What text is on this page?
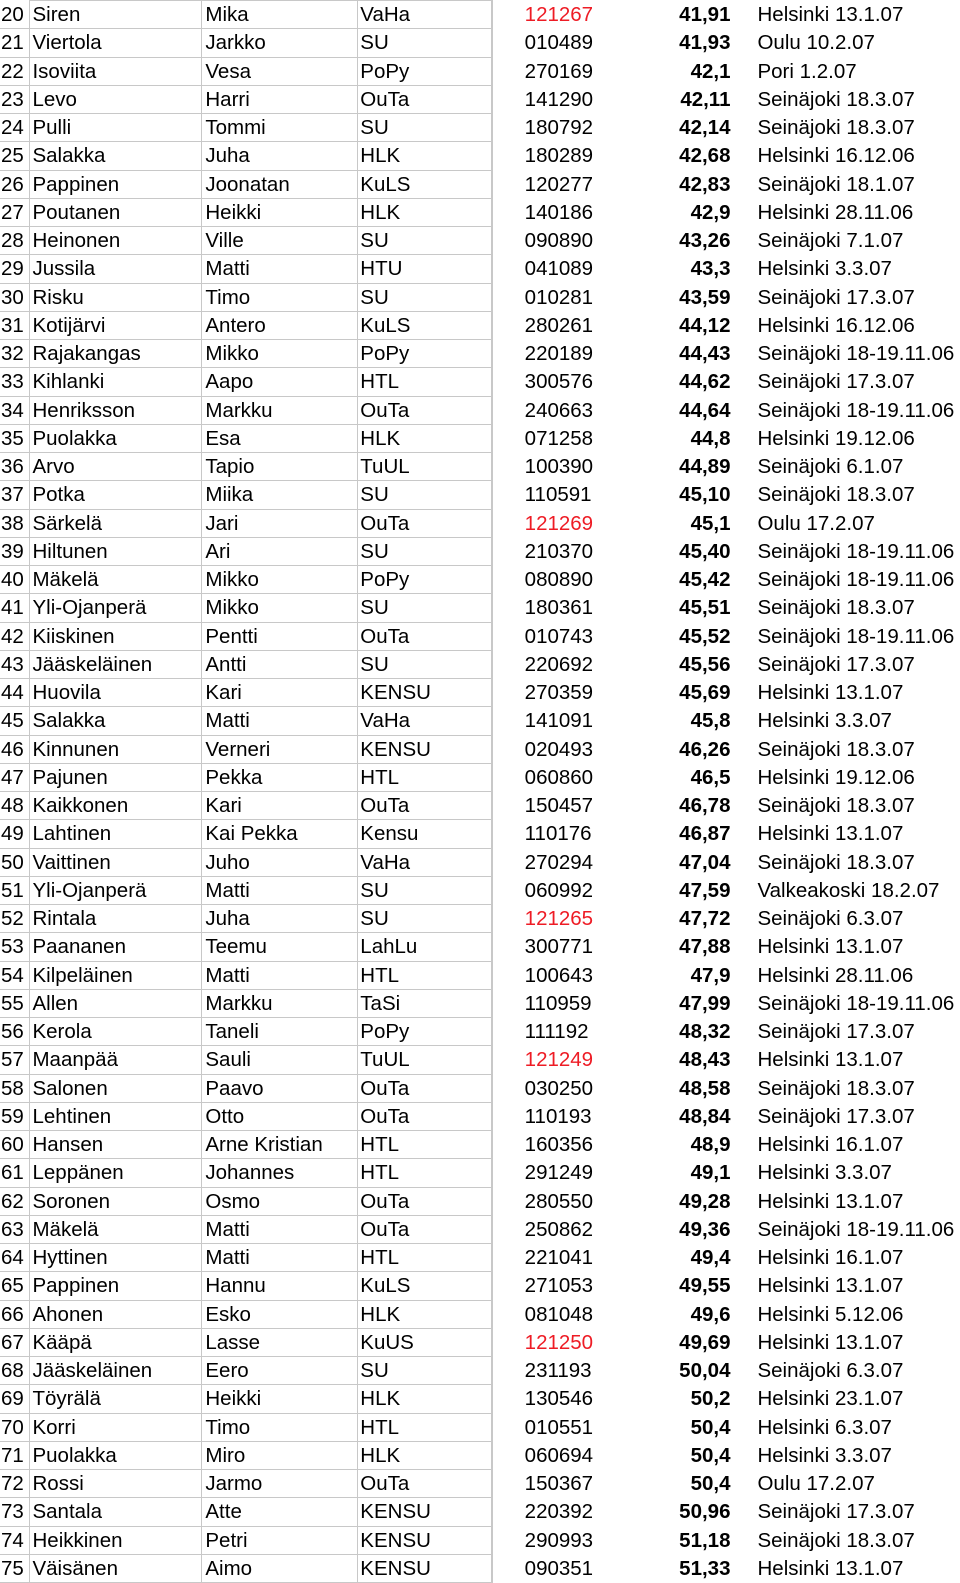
20	Siren	Mika	VaHa	121267	41,91	Helsinki 13.1.07
21	Viertola	Jarkko	SU	010489	41,93	Oulu 10.2.07
22	Isoviita	Vesa	PoPy	270169	42,1	Pori 1.2.07
23	Levo	Harri	OuTa	141290	42,11	Seinäjoki 18.3.07
24	Pulli	Tommi	SU	180792	42,14	Seinäjoki 18.3.07
25	Salakka	Juha	HLK	180289	42,68	Helsinki 16.12.06
26	Pappinen	Joonatan	KuLS	120277	42,83	Seinäjoki 18.1.07
27	Poutanen	Heikki	HLK	140186	42,9	Helsinki 28.11.06
28	Heinonen	Ville	SU	090890	43,26	Seinäjoki 7.1.07
29	Jussila	Matti	HTU	041089	43,3	Helsinki 3.3.07
30	Risku	Timo	SU	010281	43,59	Seinäjoki 17.3.07
31	Kotijärvi	Antero	KuLS	280261	44,12	Helsinki 16.12.06
32	Rajakangas	Mikko	PoPy	220189	44,43	Seinäjoki 18-19.11.06
33	Kihlanki	Aapo	HTL	300576	44,62	Seinäjoki 17.3.07
34	Henriksson	Markku	OuTa	240663	44,64	Seinäjoki 18-19.11.06
35	Puolakka	Esa	HLK	071258	44,8	Helsinki 19.12.06
36	Arvo	Tapio	TuUL	100390	44,89	Seinäjoki 6.1.07
37	Potka	Miika	SU	110591	45,10	Seinäjoki 18.3.07
38	Särkelä	Jari	OuTa	121269	45,1	Oulu 17.2.07
39	Hiltunen	Ari	SU	210370	45,40	Seinäjoki 18-19.11.06
40	Mäkelä	Mikko	PoPy	080890	45,42	Seinäjoki 18-19.11.06
41	Yli-Ojanperä	Mikko	SU	180361	45,51	Seinäjoki 18.3.07
42	Kiiskinen	Pentti	OuTa	010743	45,52	Seinäjoki 18-19.11.06
43	Jääskeläinen	Antti	SU	220692	45,56	Seinäjoki 17.3.07
44	Huovila	Kari	KENSU	270359	45,69	Helsinki 13.1.07
45	Salakka	Matti	VaHa	141091	45,8	Helsinki 3.3.07
46	Kinnunen	Verneri	KENSU	020493	46,26	Seinäjoki 18.3.07
47	Pajunen	Pekka	HTL	060860	46,5	Helsinki 19.12.06
48	Kaikkonen	Kari	OuTa	150457	46,78	Seinäjoki 18.3.07
49	Lahtinen	Kai Pekka	Kensu	110176	46,87	Helsinki 13.1.07
50	Vaittinen	Juho	VaHa	270294	47,04	Seinäjoki 18.3.07
51	Yli-Ojanperä	Matti	SU	060992	47,59	Valkeakoski 18.2.07
52	Rintala	Juha	SU	121265	47,72	Seinäjoki 6.3.07
53	Paananen	Teemu	LahLu	300771	47,88	Helsinki 13.1.07
54	Kilpeläinen	Matti	HTL	100643	47,9	Helsinki 28.11.06
55	Allen	Markku	TaSi	110959	47,99	Seinäjoki 18-19.11.06
56	Kerola	Taneli	PoPy	111192	48,32	Seinäjoki 17.3.07
57	Maanpää	Sauli	TuUL	121249	48,43	Helsinki 13.1.07
58	Salonen	Paavo	OuTa	030250	48,58	Seinäjoki 18.3.07
59	Lehtinen	Otto	OuTa	110193	48,84	Seinäjoki 17.3.07
60	Hansen	Arne Kristian	HTL	160356	48,9	Helsinki 16.1.07
61	Leppänen	Johannes	HTL	291249	49,1	Helsinki 3.3.07
62	Soronen	Osmo	OuTa	280550	49,28	Helsinki 13.1.07
63	Mäkelä	Matti	OuTa	250862	49,36	Seinäjoki 18-19.11.06
64	Hyttinen	Matti	HTL	221041	49,4	Helsinki 16.1.07
65	Pappinen	Hannu	KuLS	271053	49,55	Helsinki 13.1.07
66	Ahonen	Esko	HLK	081048	49,6	Helsinki 5.12.06
67	Kääpä	Lasse	KuUS	121250	49,69	Helsinki 13.1.07
68	Jääskeläinen	Eero	SU	231193	50,04	Seinäjoki 6.3.07
69	Töyrälä	Heikki	HLK	130546	50,2	Helsinki 23.1.07
70	Korri	Timo	HTL	010551	50,4	Helsinki 6.3.07
71	Puolakka	Miro	HLK	060694	50,4	Helsinki 3.3.07
72	Rossi	Jarmo	OuTa	150367	50,4	Oulu 17.2.07
73	Santala	Atte	KENSU	220392	50,96	Seinäjoki 17.3.07
74	Heikkinen	Petri	KENSU	290993	51,18	Seinäjoki 18.3.07
75	Väisänen	Aimo	KENSU	090351	51,33	Helsinki 13.1.07
